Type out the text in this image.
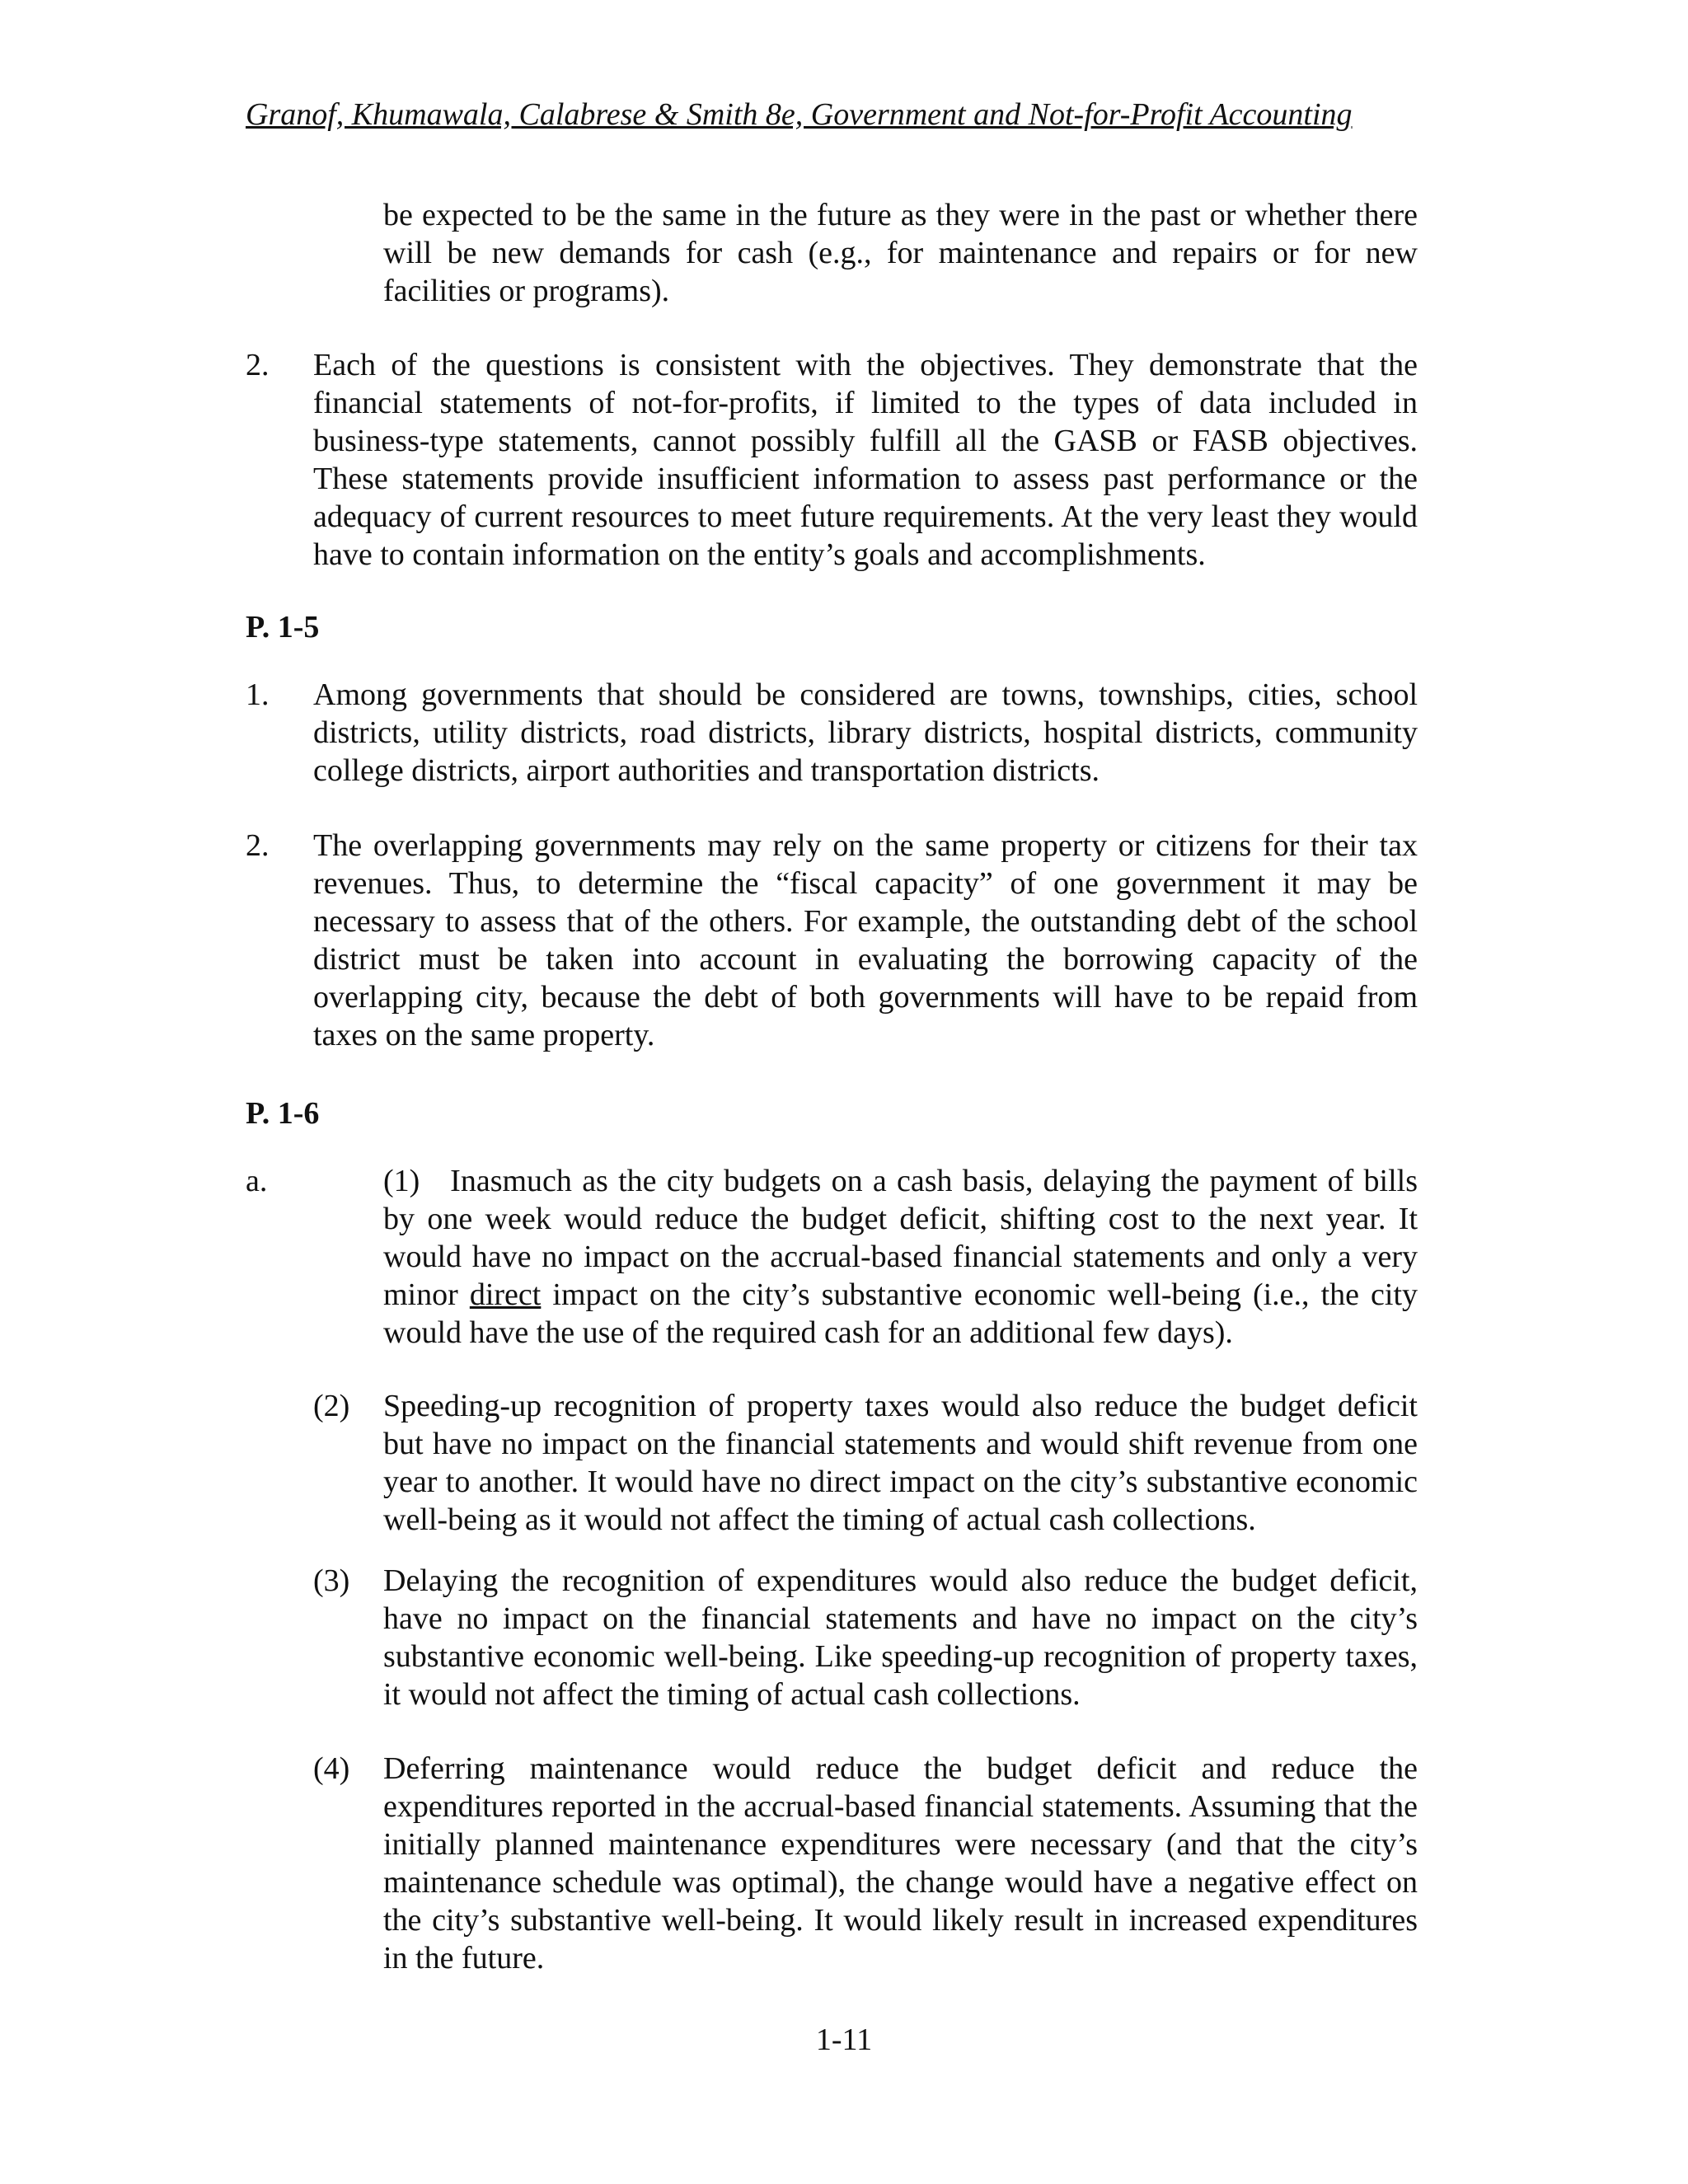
Granof, Khumawala, Calabrese & Smith 8e, Government and Not-for-Profit Accounting
be expected to be the same in the future as they were in the past or whether there will be new demands for cash (e.g., for maintenance and repairs or for new facilities or programs).
2. Each of the questions is consistent with the objectives. They demonstrate that the financial statements of not-for-profits, if limited to the types of data included in business-type statements, cannot possibly fulfill all the GASB or FASB objectives. These statements provide insufficient information to assess past performance or the adequacy of current resources to meet future requirements. At the very least they would have to contain information on the entity’s goals and accomplishments.
P. 1-5
1. Among governments that should be considered are towns, townships, cities, school districts, utility districts, road districts, library districts, hospital districts, community college districts, airport authorities and transportation districts.
2. The overlapping governments may rely on the same property or citizens for their tax revenues. Thus, to determine the “fiscal capacity” of one government it may be necessary to assess that of the others. For example, the outstanding debt of the school district must be taken into account in evaluating the borrowing capacity of the overlapping city, because the debt of both governments will have to be repaid from taxes on the same property.
P. 1-6
a.	(1) Inasmuch as the city budgets on a cash basis, delaying the payment of bills by one week would reduce the budget deficit, shifting cost to the next year. It would have no impact on the accrual-based financial statements and only a very minor direct impact on the city’s substantive economic well-being (i.e., the city would have the use of the required cash for an additional few days).
(2) Speeding-up recognition of property taxes would also reduce the budget deficit but have no impact on the financial statements and would shift revenue from one year to another. It would have no direct impact on the city’s substantive economic well-being as it would not affect the timing of actual cash collections.
(3) Delaying the recognition of expenditures would also reduce the budget deficit, have no impact on the financial statements and have no impact on the city’s substantive economic well-being. Like speeding-up recognition of property taxes, it would not affect the timing of actual cash collections.
(4) Deferring maintenance would reduce the budget deficit and reduce the expenditures reported in the accrual-based financial statements. Assuming that the initially planned maintenance expenditures were necessary (and that the city’s maintenance schedule was optimal), the change would have a negative effect on the city’s substantive well-being. It would likely result in increased expenditures in the future.
1-11
